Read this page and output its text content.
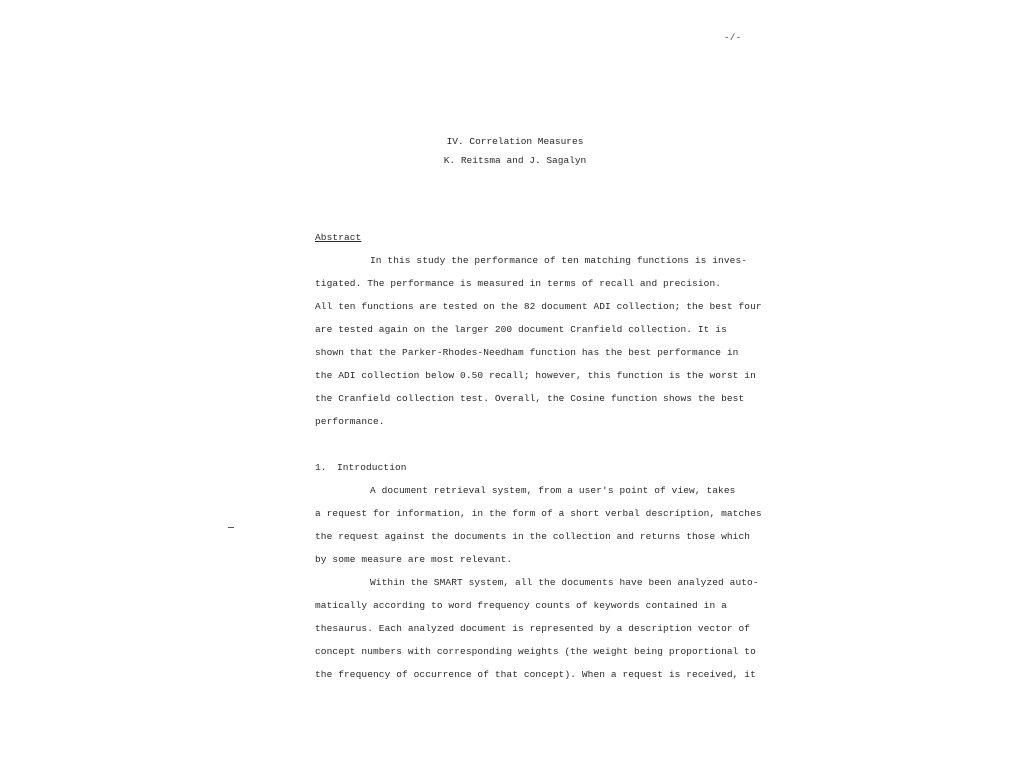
-/-
IV. Correlation Measures
K. Reitsma and J. Sagalyn
Abstract
In this study the performance of ten matching functions is inves-
tigated. The performance is measured in terms of recall and precision.
All ten functions are tested on the 82 document ADI collection; the best four
are tested again on the larger 200 document Cranfield collection. It is
shown that the Parker-Rhodes-Needham function has the best performance in
the ADI collection below 0.50 recall; however, this function is the worst in
the Cranfield collection test. Overall, the Cosine function shows the best
performance.
1. Introduction
A document retrieval system, from a user's point of view, takes
a request for information, in the form of a short verbal description, matches
the request against the documents in the collection and returns those which
by some measure are most relevant.
Within the SMART system, all the documents have been analyzed auto-
matically according to word frequency counts of keywords contained in a
thesaurus. Each analyzed document is represented by a description vector of
concept numbers with corresponding weights (the weight being proportional to
the frequency of occurrence of that concept). When a request is received, it
